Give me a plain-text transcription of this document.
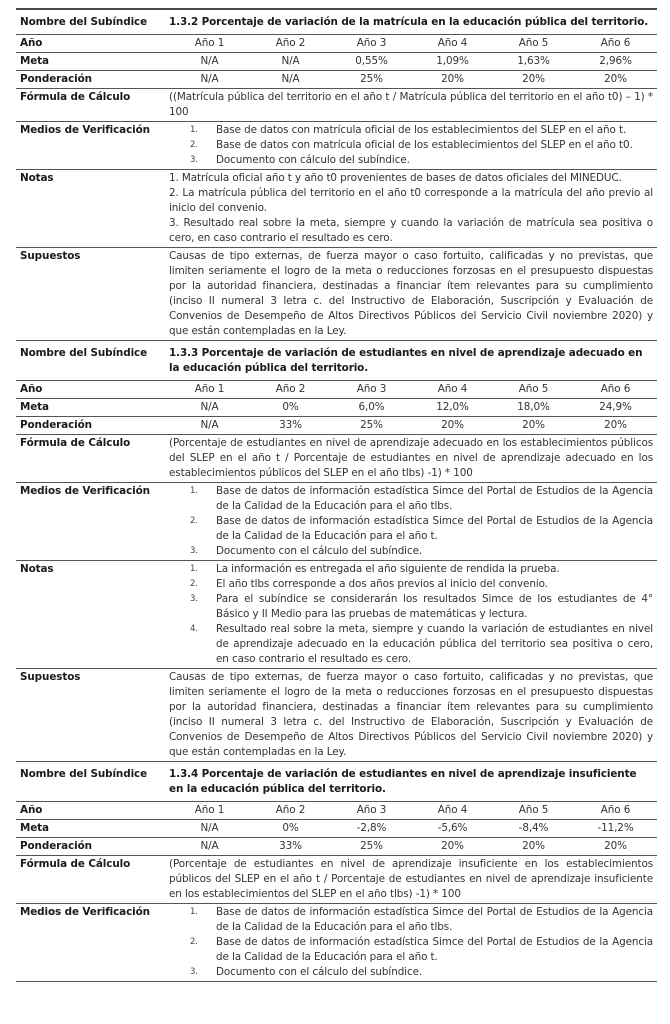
Nombre del Subíndice	1.3.2 Porcentaje de variación de la matrícula en la educación pública del territorio.					
Año	Año 1	Año 2	Año 3	Año 4	Año 5	Año 6
Meta	N/A	N/A	0,55%	1,09%	1,63%	2,96%
Ponderación	N/A	N/A	25%	20%	20%	20%
Fórmula de Cálculo	((Matrícula pública del territorio en el año t / Matrícula pública del territorio en el año t0) – 1) * 100					
Medios de Verificación	1. Base de datos con matrícula oficial de los establecimientos del SLEP en el año t.
2. Base de datos con matrícula oficial de los establecimientos del SLEP en el año t0.
3. Documento con cálculo del subíndice.

Notas	1. Matrícula oficial año t y año t0 provenientes de bases de datos oficiales del MINEDUC.

2. La matrícula pública del territorio en el año t0 corresponde a la matrícula del año previo al inicio del convenio.

3. Resultado real sobre la meta, siempre y cuando la variación de matrícula sea positiva o cero, en caso contrario el resultado es cero.					

Supuestos	Causas de tipo externas, de fuerza mayor o caso fortuito, calificadas y no previstas, que limiten seriamente el logro de la meta o reducciones forzosas en el presupuesto dispuestas por la autoridad financiera, destinadas a financiar ítem relevantes para su cumplimiento (inciso II numeral 3 letra c. del Instructivo de Elaboración, Suscripción y Evaluación de Convenios de Desempeño de Altos Directivos Públicos del Servicio Civil noviembre 2020) y que están contempladas en la Ley.					
Nombre del Subíndice	1.3.3 Porcentaje de variación de estudiantes en nivel de aprendizaje adecuado en la educación pública del territorio.					
Año	Año 1	Año 2	Año 3	Año 4	Año 5	Año 6
Meta	N/A	0%	6,0%	12,0%	18,0%	24,9%
Ponderación	N/A	33%	25%	20%	20%	20%
Fórmula de Cálculo	(Porcentaje de estudiantes en nivel de aprendizaje adecuado en los establecimientos públicos del SLEP en el año t / Porcentaje de estudiantes en nivel de aprendizaje adecuado en los establecimientos públicos del SLEP en el año tlbs) -1) * 100					
Medios de Verificación	1. Base de datos de información estadística Simce del Portal de Estudios de la Agencia de la Calidad de la Educación para el año tlbs.
2. Base de datos de información estadística Simce del Portal de Estudios de la Agencia de la Calidad de la Educación para el año t.
3. Documento con el cálculo del subíndice.

Notas	1. La información es entregada el año siguiente de rendida la prueba.
2. El año tlbs corresponde a dos años previos al inicio del convenio.
3. Para el subíndice se considerarán los resultados Simce de los estudiantes de 4° Básico y II Medio para las pruebas de matemáticas y lectura.
4. Resultado real sobre la meta, siempre y cuando la variación de estudiantes en nivel de aprendizaje adecuado en la educación pública del territorio sea positiva o cero, en caso contrario el resultado es cero.

Supuestos	Causas de tipo externas, de fuerza mayor o caso fortuito, calificadas y no previstas, que limiten seriamente el logro de la meta o reducciones forzosas en el presupuesto dispuestas por la autoridad financiera, destinadas a financiar ítem relevantes para su cumplimiento (inciso II numeral 3 letra c. del Instructivo de Elaboración, Suscripción y Evaluación de Convenios de Desempeño de Altos Directivos Públicos del Servicio Civil noviembre 2020) y que están contempladas en la Ley.					
Nombre del Subíndice	1.3.4 Porcentaje de variación de estudiantes en nivel de aprendizaje insuficiente en la educación pública del territorio.					
Año	Año 1	Año 2	Año 3	Año 4	Año 5	Año 6
Meta	N/A	0%	-2,8%	-5,6%	-8,4%	-11,2%
Ponderación	N/A	33%	25%	20%	20%	20%
Fórmula de Cálculo	(Porcentaje de estudiantes en nivel de aprendizaje insuficiente en los establecimientos públicos del SLEP en el año t / Porcentaje de estudiantes en nivel de aprendizaje insuficiente en los establecimientos del SLEP en el año tlbs) -1) * 100					
Medios de Verificación	1. Base de datos de información estadística Simce del Portal de Estudios de la Agencia de la Calidad de la Educación para el año tlbs.
2. Base de datos de información estadística Simce del Portal de Estudios de la Agencia de la Calidad de la Educación para el año t.
3. Documento con el cálculo del subíndice.
